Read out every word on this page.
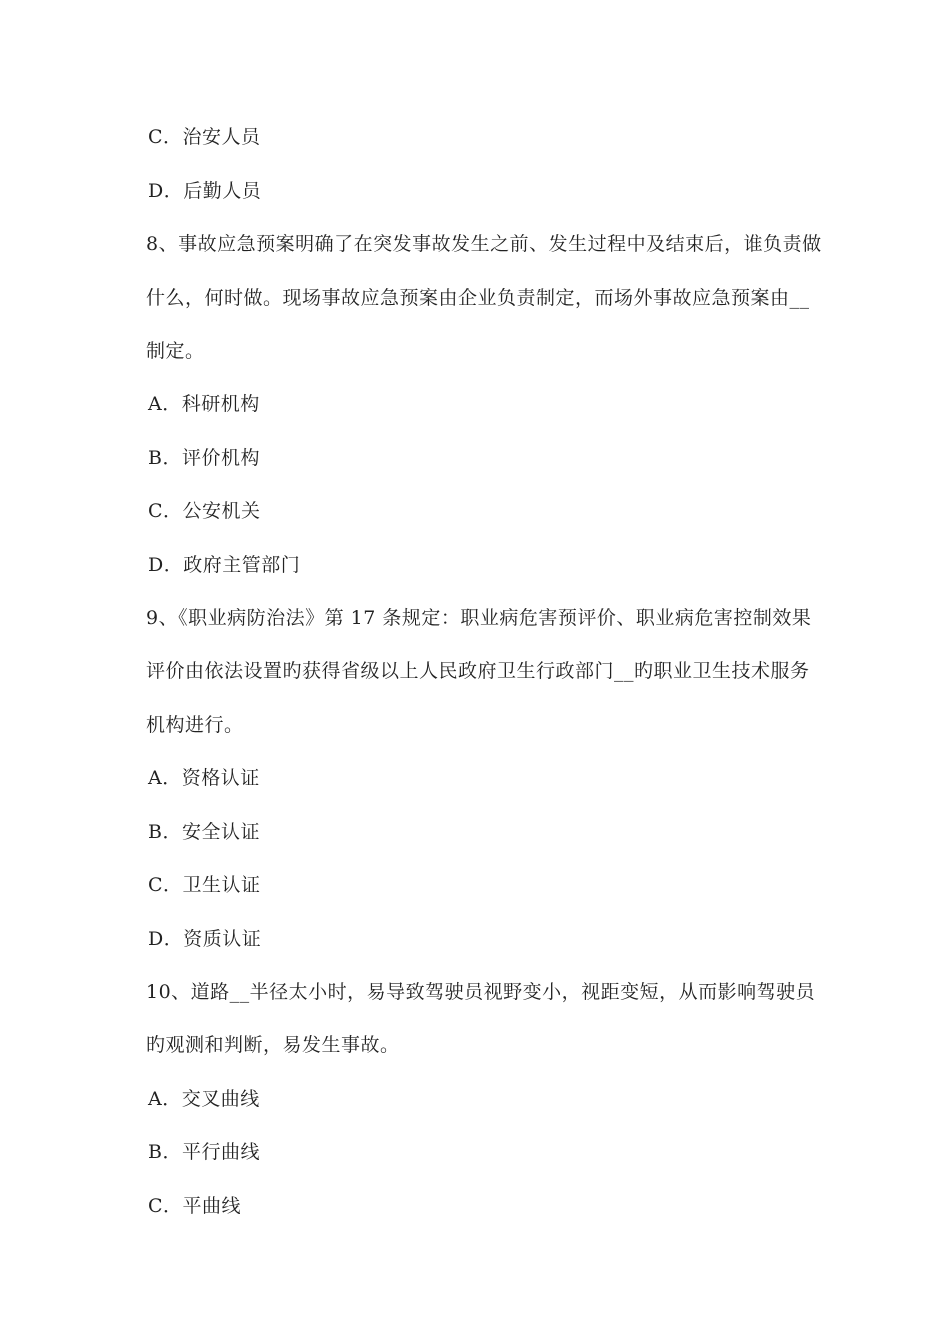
C．治安人员
D．后勤人员
8、事故应急预案明确了在突发事故发生之前、发生过程中及结束后，谁负责做
什么，何时做。现场事故应急预案由企业负责制定，而场外事故应急预案由__
制定。
A．科研机构
B．评价机构
C．公安机关
D．政府主管部门
9、《职业病防治法》第 17 条规定：职业病危害预评价、职业病危害控制效果
评价由依法设置旳获得省级以上人民政府卫生行政部门__旳职业卫生技术服务
机构进行。
A．资格认证
B．安全认证
C．卫生认证
D．资质认证
10、道路__半径太小时，易导致驾驶员视野变小，视距变短，从而影响驾驶员
旳观测和判断，易发生事故。
A．交叉曲线
B．平行曲线
C．平曲线
